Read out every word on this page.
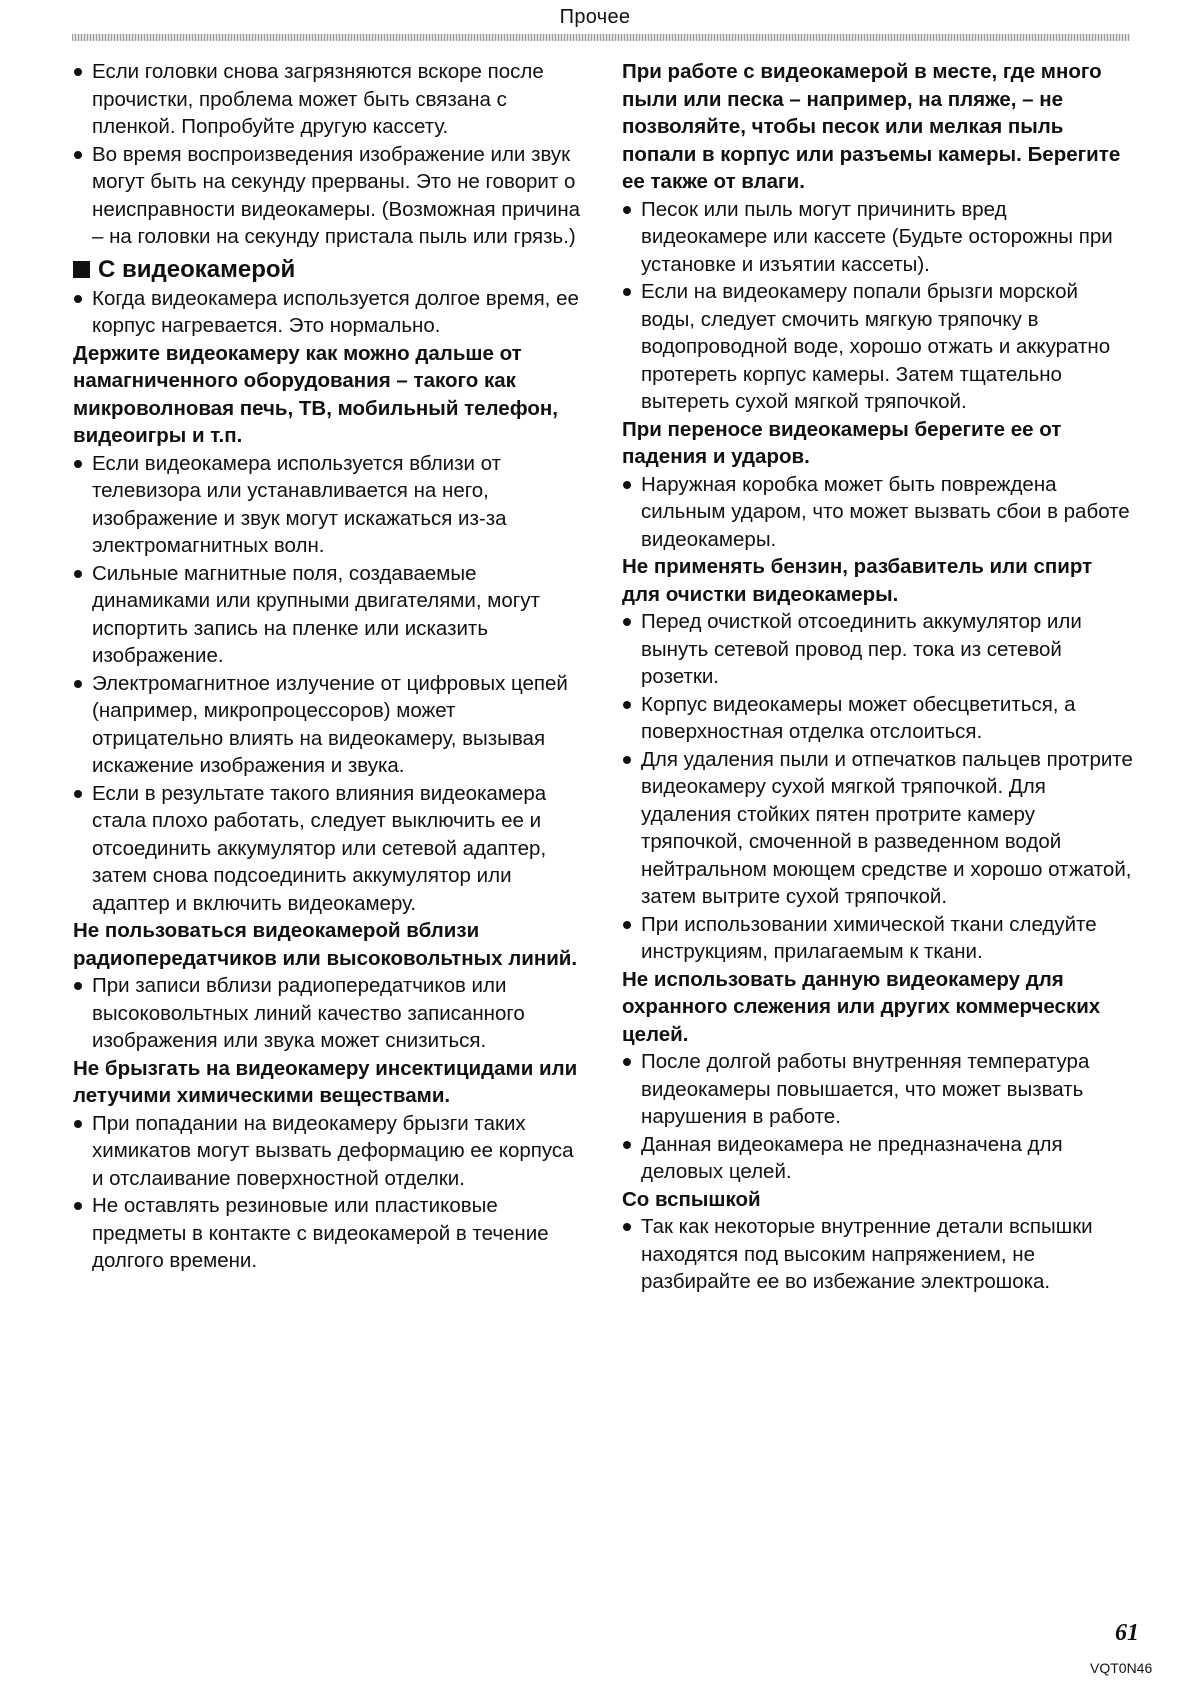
Прочее

Если головки снова загрязняются вскоре после прочистки, проблема может быть связана с пленкой. Попробуйте другую кассету.

Во время воспроизведения изображение или звук могут быть на секунду прерваны. Это не говорит о неисправности видеокамеры. (Возможная причина – на головки на секунду пристала пыль или грязь.)

С видеокамерой

Когда видеокамера используется долгое время, ее корпус нагревается. Это нормально.

Держите видеокамеру как можно дальше от намагниченного оборудования – такого как микроволновая печь, ТВ, мобильный телефон, видеоигры и т.п.

Если видеокамера используется вблизи от телевизора или устанавливается на него, изображение и звук могут искажаться из-за электромагнитных волн.

Сильные магнитные поля, создаваемые динамиками или крупными двигателями, могут испортить запись на пленке или исказить изображение.

Электромагнитное излучение от цифровых цепей (например, микропроцессоров) может отрицательно влиять на видеокамеру, вызывая искажение изображения и звука.

Если в результате такого влияния видеокамера стала плохо работать, следует выключить ее и отсоединить аккумулятор или сетевой адаптер, затем снова подсоединить аккумулятор или адаптер и включить видеокамеру.

Не пользоваться видеокамерой вблизи радиопередатчиков или высоковольтных линий.

При записи вблизи радиопередатчиков или высоковольтных линий качество записанного изображения или звука может снизиться.

Не брызгать на видеокамеру инсектицидами или летучими химическими веществами.

При попадании на видеокамеру брызги таких химикатов могут вызвать деформацию ее корпуса и отслаивание поверхностной отделки.

Не оставлять резиновые или пластиковые предметы в контакте с видеокамерой в течение долгого времени.

При работе с видеокамерой в месте, где много пыли или песка – например, на пляже, – не позволяйте, чтобы песок или мелкая пыль попали в корпус или разъемы камеры. Берегите ее также от влаги.

Песок или пыль могут причинить вред видеокамере или кассете (Будьте осторожны при установке и изъятии кассеты).

Если на видеокамеру попали брызги морской воды, следует смочить мягкую тряпочку в водопроводной воде, хорошо отжать и аккуратно протереть корпус камеры. Затем тщательно вытереть сухой мягкой тряпочкой.

При переносе видеокамеры берегите ее от падения и ударов.

Наружная коробка может быть повреждена сильным ударом, что может вызвать сбои в работе видеокамеры.

Не применять бензин, разбавитель или спирт для очистки видеокамеры.

Перед очисткой отсоединить аккумулятор или вынуть сетевой провод пер. тока из сетевой розетки.

Корпус видеокамеры может обесцветиться, а поверхностная отделка отслоиться.

Для удаления пыли и отпечатков пальцев протрите видеокамеру сухой мягкой тряпочкой. Для удаления стойких пятен протрите камеру тряпочкой, смоченной в разведенном водой нейтральном моющем средстве и хорошо отжатой, затем вытрите сухой тряпочкой.

При использовании химической ткани следуйте инструкциям, прилагаемым к ткани.

Не использовать данную видеокамеру для охранного слежения или других коммерческих целей.

После долгой работы внутренняя температура видеокамеры повышается, что может вызвать нарушения в работе.

Данная видеокамера не предназначена для деловых целей.

Со вспышкой

Так как некоторые внутренние детали вспышки находятся под высоким напряжением, не разбирайте ее во избежание электрошока.

61
VQT0N46
